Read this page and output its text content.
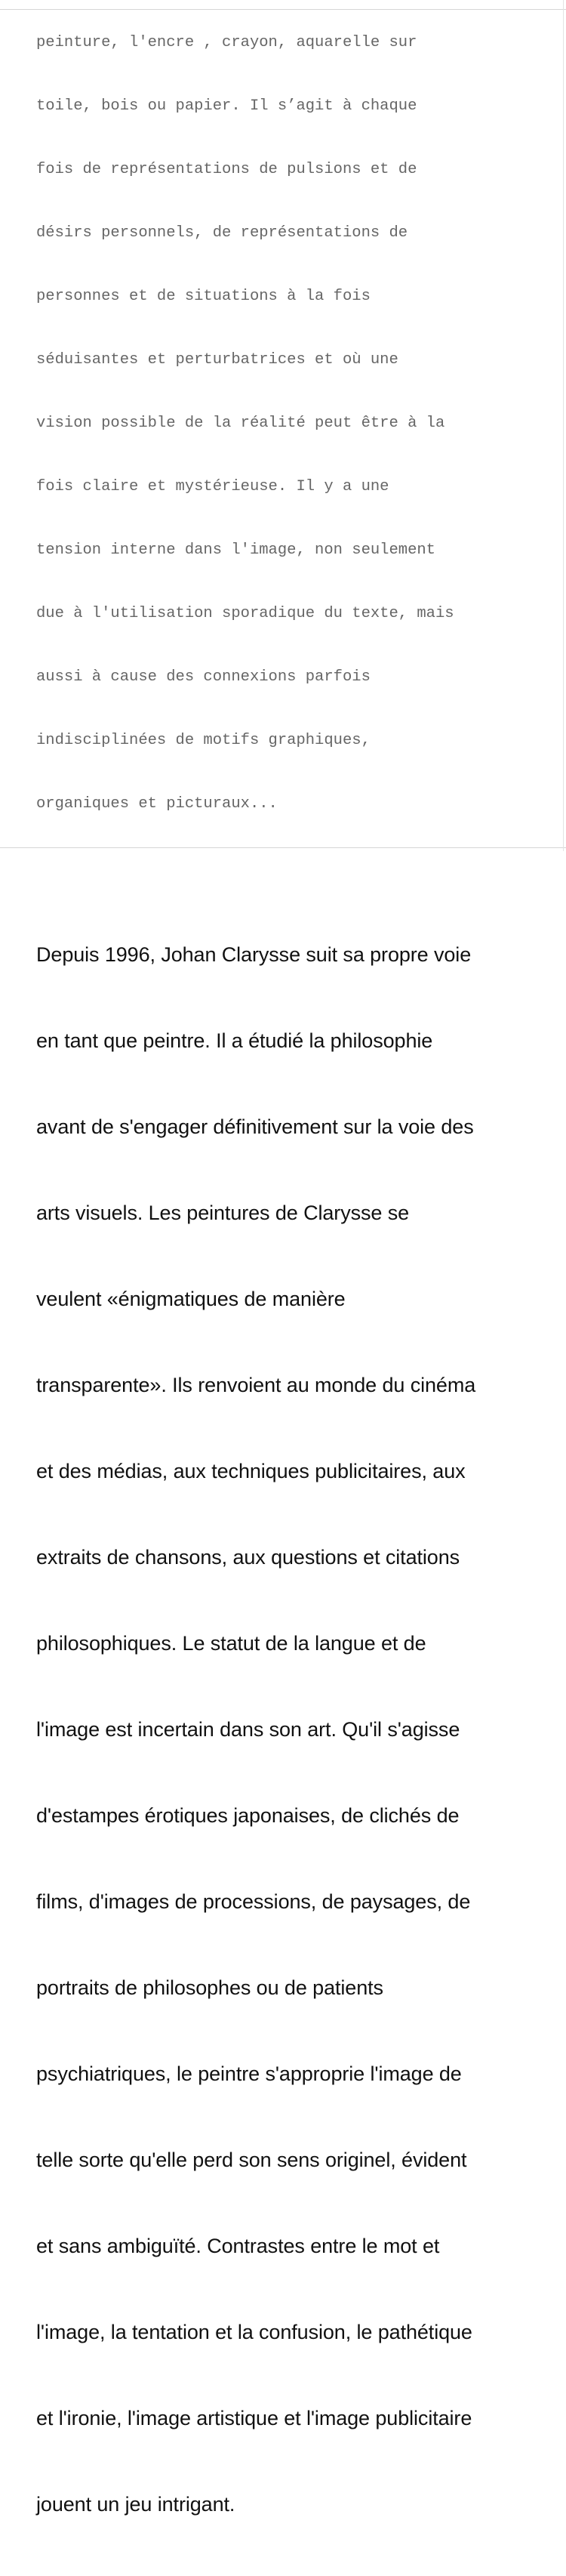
peinture, l'encre , crayon, aquarelle sur

toile, bois ou papier. Il s’agit à chaque

fois de représentations de pulsions et de

désirs personnels, de représentations de

personnes et de situations à la fois

séduisantes et perturbatrices et où une

vision possible de la réalité peut être à la

fois claire et mystérieuse. Il y a une

tension interne dans l'image, non seulement

due à l'utilisation sporadique du texte, mais

aussi à cause des connexions parfois

indisciplinées de motifs graphiques,

organiques et picturaux...

Depuis 1996, Johan Clarysse suit sa propre voie

en tant que peintre. Il a étudié la philosophie

avant de s'engager définitivement sur la voie des

arts visuels. Les peintures de Clarysse se

veulent «énigmatiques de manière

transparente». Ils renvoient au monde du cinéma

et des médias, aux techniques publicitaires, aux

extraits de chansons, aux questions et citations

philosophiques. Le statut de la langue et de

l'image est incertain dans son art. Qu'il s'agisse

d'estampes érotiques japonaises, de clichés de

films, d'images de processions, de paysages, de

portraits de philosophes ou de patients

psychiatriques, le peintre s'approprie l'image de

telle sorte qu'elle perd son sens originel, évident

et sans ambiguïté. Contrastes entre le mot et

l'image, la tentation et la confusion, le pathétique

et l'ironie, l'image artistique et l'image publicitaire

jouent un jeu intrigant.
